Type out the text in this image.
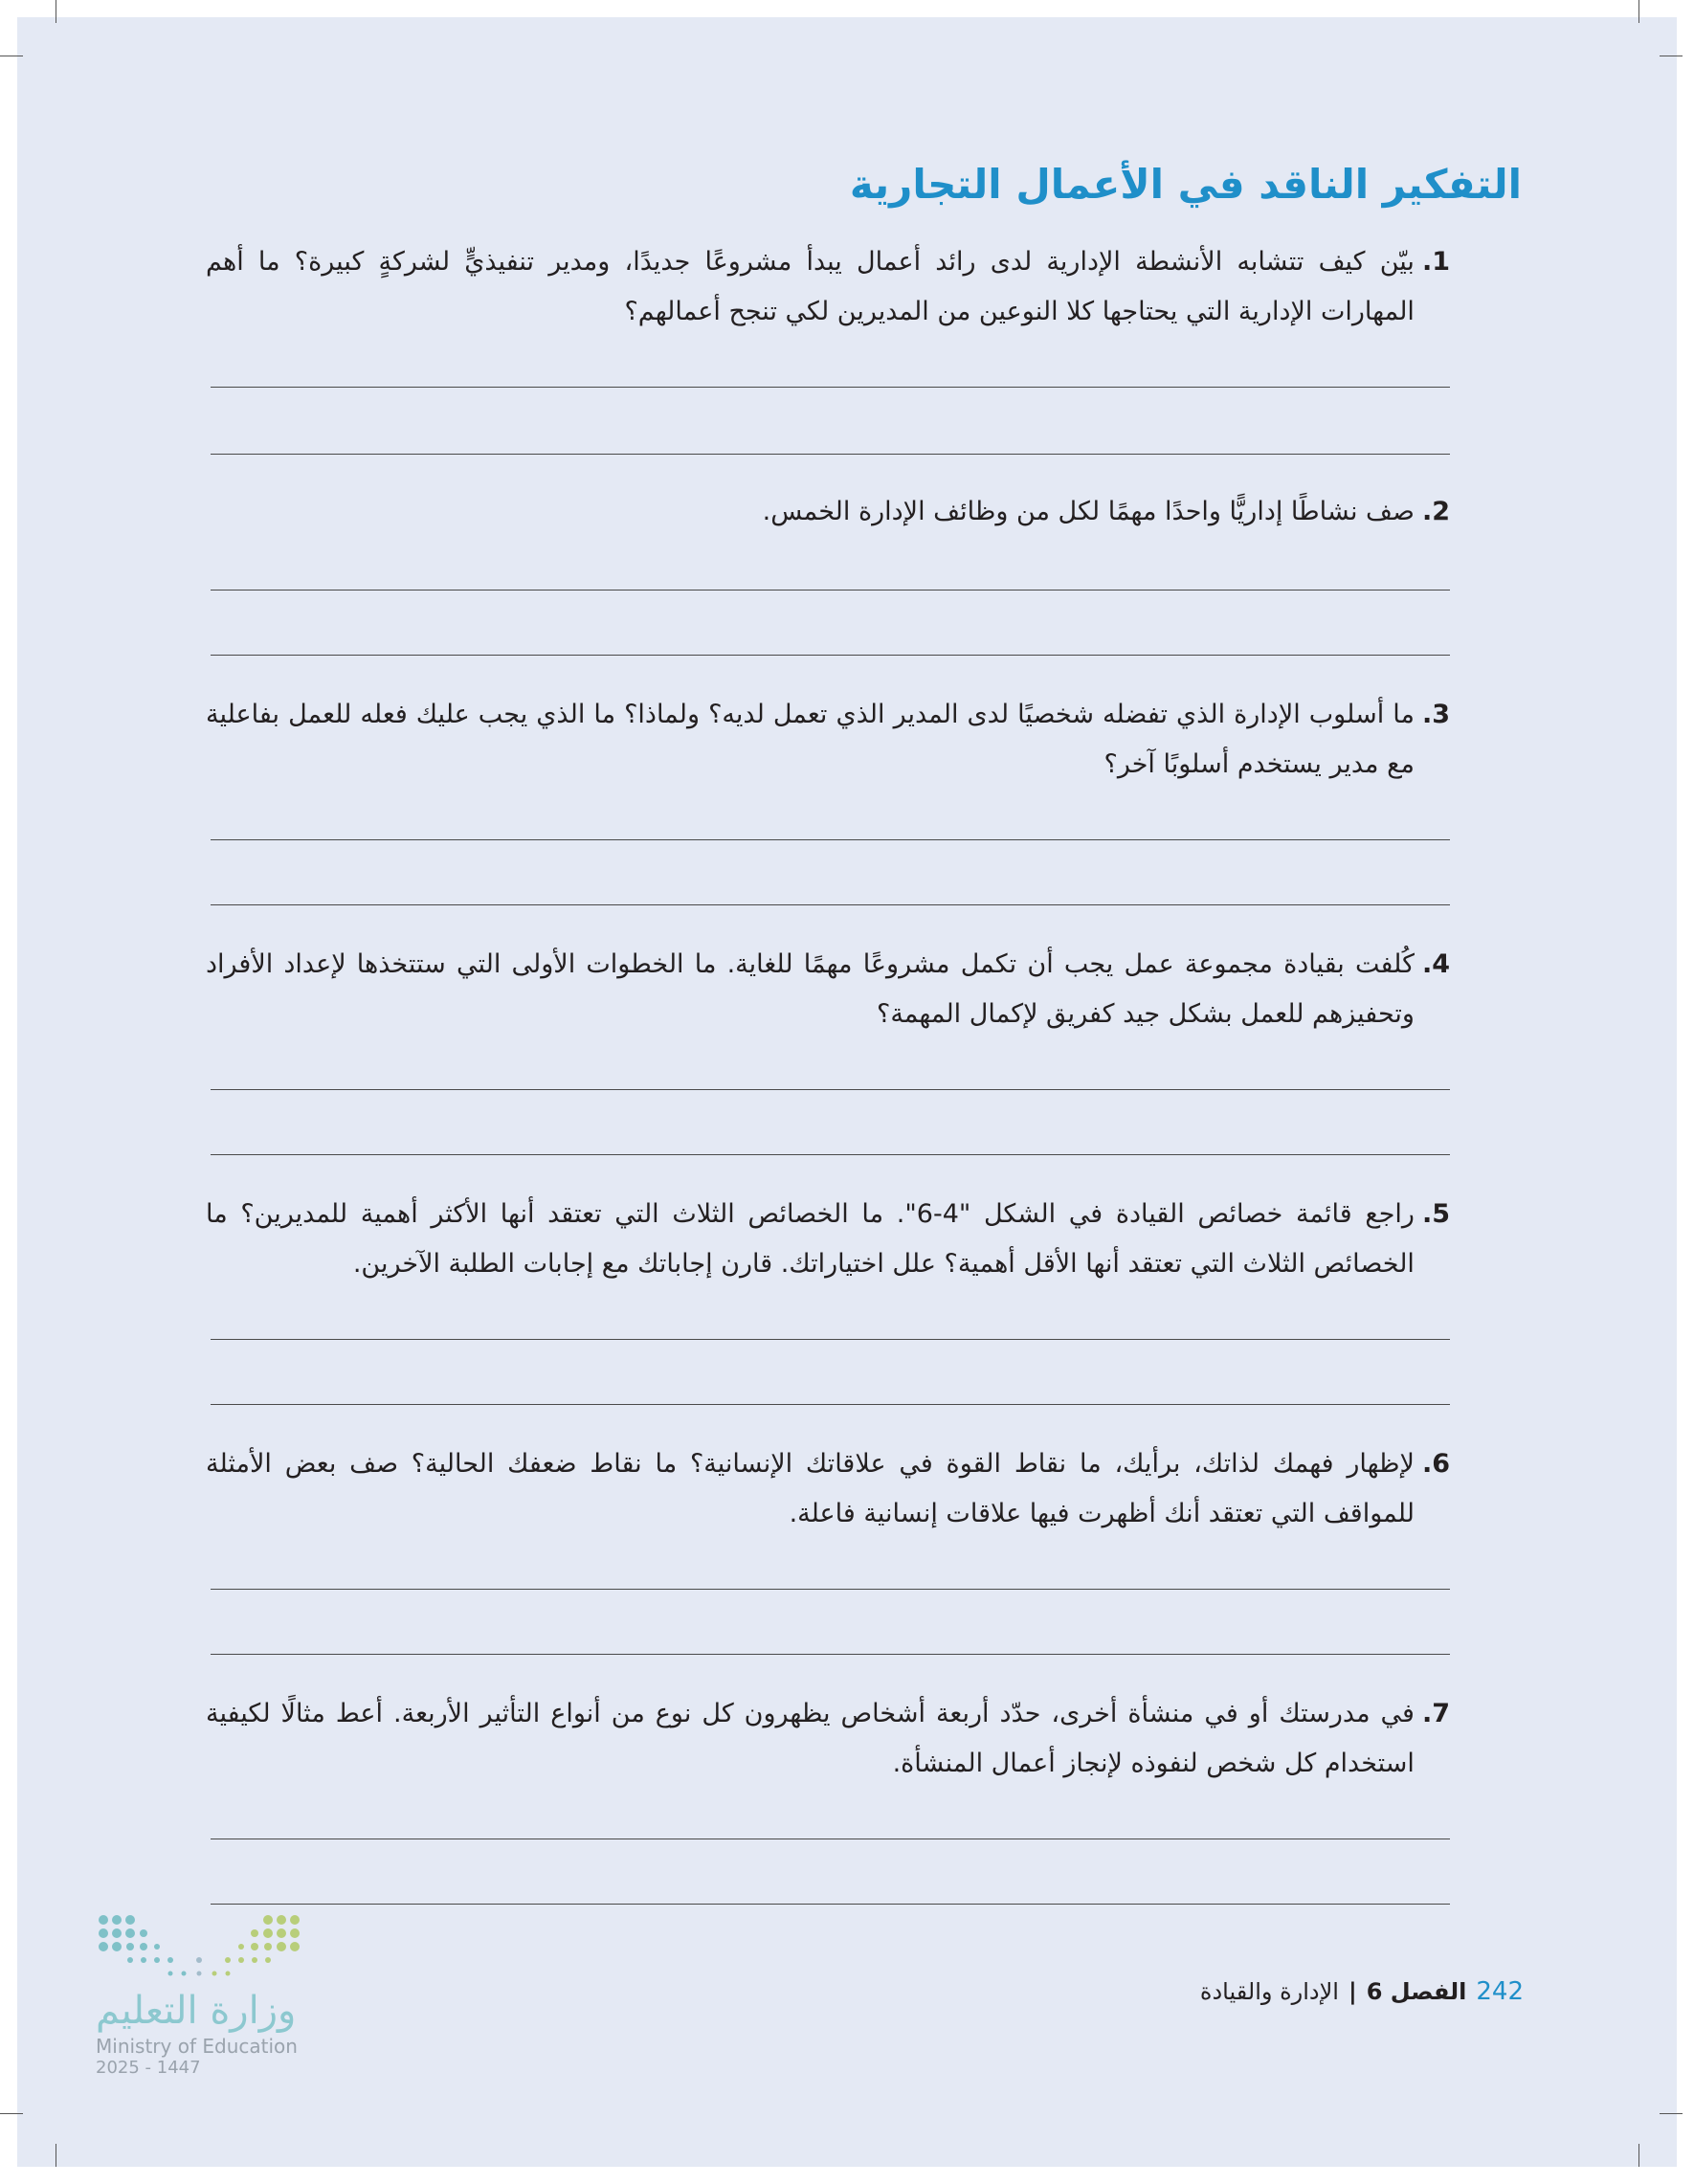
التفكير الناقد في الأعمال التجارية
1.
بيّن كيف تتشابه الأنشطة الإدارية لدى رائد أعمال يبدأ مشروعًا جديدًا، ومدير تنفيذيٍّ لشركةٍ كبيرة؟ ما أهم المهارات الإدارية التي يحتاجها كلا النوعين من المديرين لكي تنجح أعمالهم؟
2.
صف نشاطًا إداريًّا واحدًا مهمًا لكل من وظائف الإدارة الخمس.
3.
ما أسلوب الإدارة الذي تفضله شخصيًا لدى المدير الذي تعمل لديه؟ ولماذا؟ ما الذي يجب عليك فعله للعمل بفاعلية مع مدير يستخدم أسلوبًا آخر؟
4.
كُلفت بقيادة مجموعة عمل يجب أن تكمل مشروعًا مهمًا للغاية. ما الخطوات الأولى التي ستتخذها لإعداد الأفراد وتحفيزهم للعمل بشكل جيد كفريق لإكمال المهمة؟
5.
راجع قائمة خصائص القيادة في الشكل "4-6". ما الخصائص الثلاث التي تعتقد أنها الأكثر أهمية للمديرين؟ ما الخصائص الثلاث التي تعتقد أنها الأقل أهمية؟ علل اختياراتك. قارن إجاباتك مع إجابات الطلبة الآخرين.
6.
لإظهار فهمك لذاتك، برأيك، ما نقاط القوة في علاقاتك الإنسانية؟ ما نقاط ضعفك الحالية؟ صف بعض الأمثلة للمواقف التي تعتقد أنك أظهرت فيها علاقات إنسانية فاعلة.
7.
في مدرستك أو في منشأة أخرى، حدّد أربعة أشخاص يظهرون كل نوع من أنواع التأثير الأربعة. أعط مثالًا لكيفية استخدام كل شخص لنفوذه لإنجاز أعمال المنشأة.
242
الفصل 6
|
الإدارة والقيادة
وزارة التعليم
Ministry of Education
2025 - 1447
